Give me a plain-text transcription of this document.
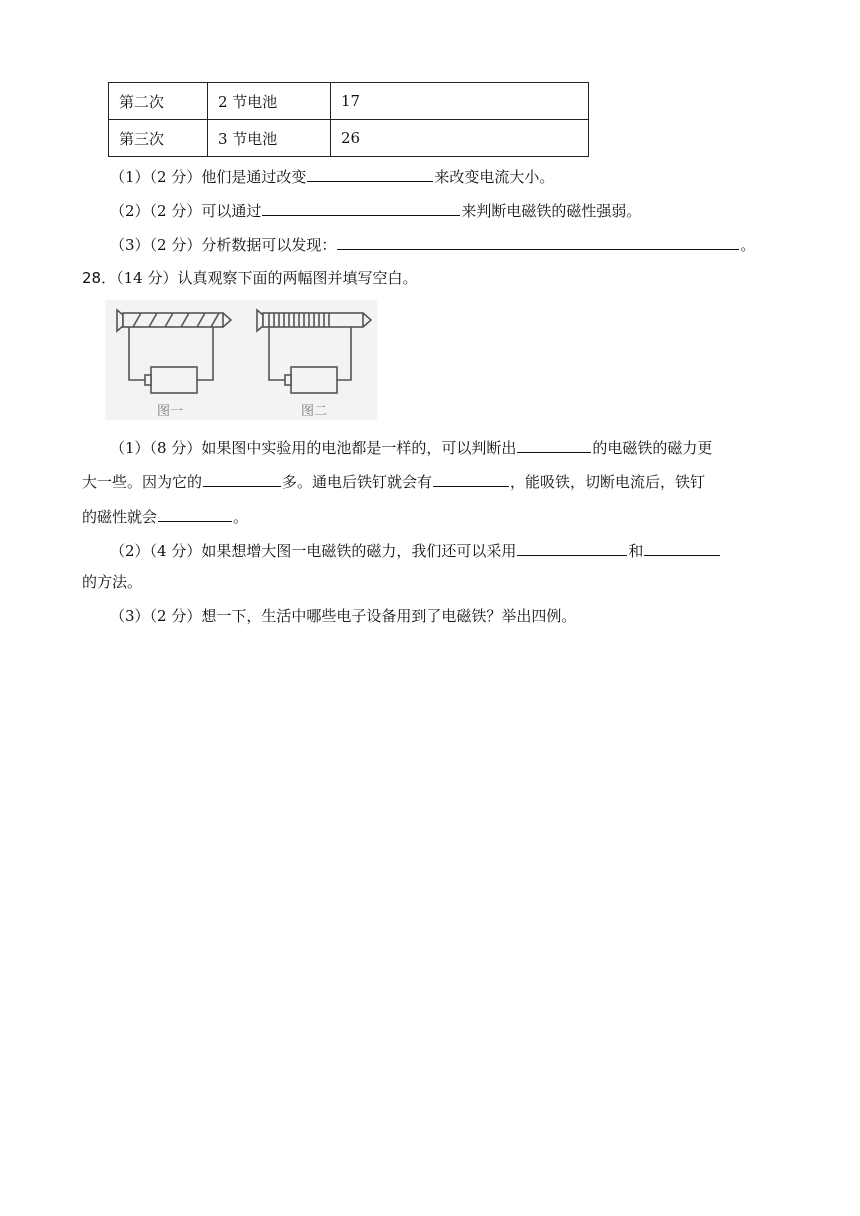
第二次	2 节电池	17
第三次	3 节电池	26
（1）（2 分）他们是通过改变	来改变电流大小。
（2）（2 分）可以通过	来判断电磁铁的磁性强弱。
（3）（2 分）分析数据可以发现：	。
28．（14 分）认真观察下面的两幅图并填写空白。
图一	图二
（1）（8 分）如果图中实验用的电池都是一样的，可以判断出	的电磁铁的磁力更
大一些。因为它的	多。通电后铁钉就会有	，能吸铁，切断电流后，铁钉
的磁性就会	。
（2）（4 分）如果想增大图一电磁铁的磁力，我们还可以采用	和
的方法。
（3）（2 分）想一下，生活中哪些电子设备用到了电磁铁？举出四例。
